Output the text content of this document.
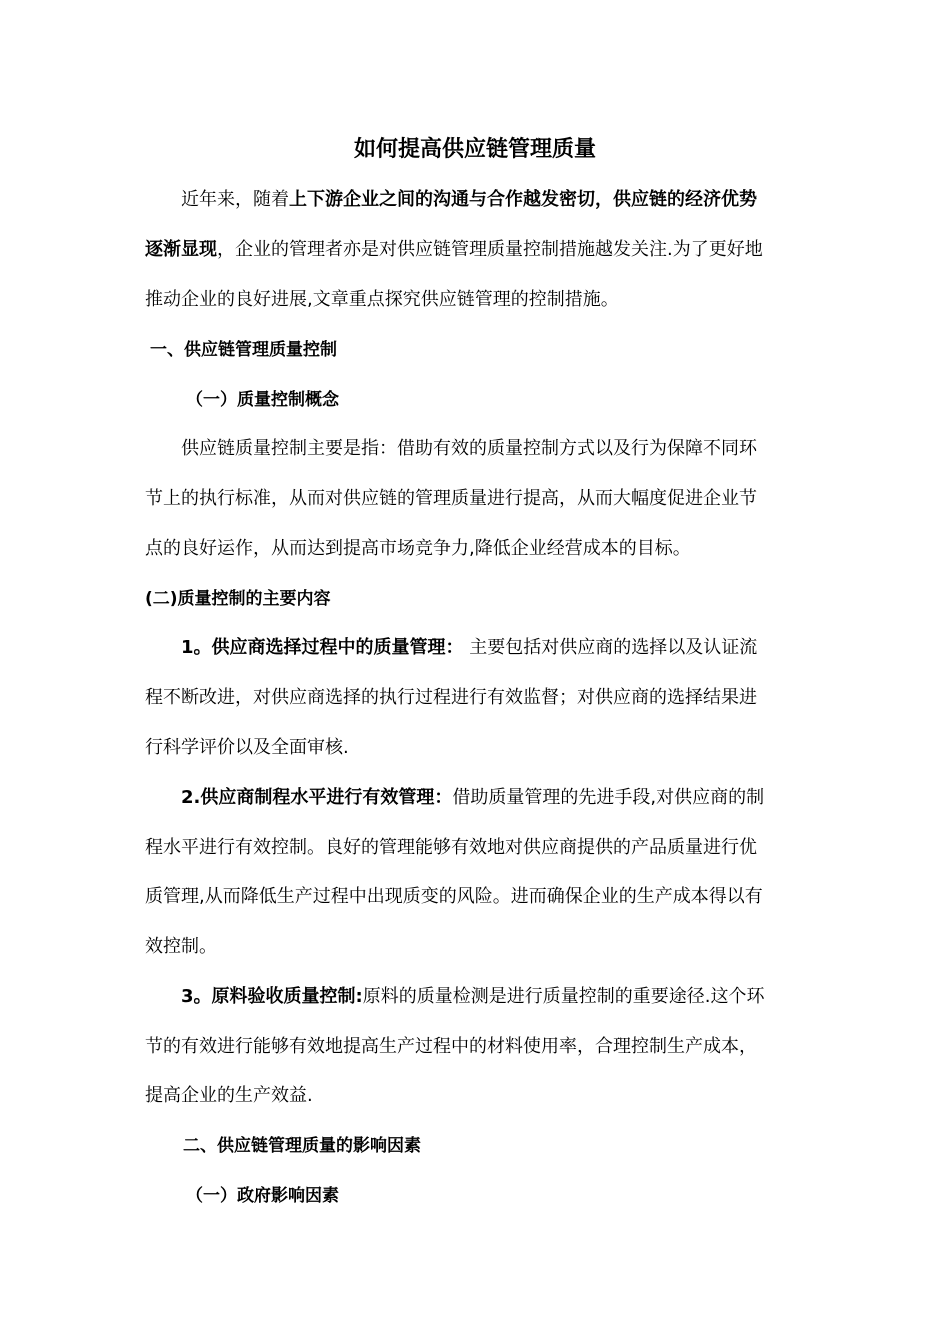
如何提高供应链管理质量
近年来，随着上下游企业之间的沟通与合作越发密切，供应链的经济优势
逐渐显现，企业的管理者亦是对供应链管理质量控制措施越发关注.为了更好地
推动企业的良好进展,文章重点探究供应链管理的控制措施。
一、供应链管理质量控制
（一）质量控制概念
供应链质量控制主要是指：借助有效的质量控制方式以及行为保障不同环
节上的执行标准，从而对供应链的管理质量进行提高，从而大幅度促进企业节
点的良好运作，从而达到提高市场竞争力,降低企业经营成本的目标。
(二)质量控制的主要内容
1。供应商选择过程中的质量管理： 主要包括对供应商的选择以及认证流
程不断改进，对供应商选择的执行过程进行有效监督；对供应商的选择结果进
行科学评价以及全面审核.
2.供应商制程水平进行有效管理：借助质量管理的先进手段,对供应商的制
程水平进行有效控制。良好的管理能够有效地对供应商提供的产品质量进行优
质管理,从而降低生产过程中出现质变的风险。进而确保企业的生产成本得以有
效控制。
3。原料验收质量控制:原料的质量检测是进行质量控制的重要途径.这个环
节的有效进行能够有效地提高生产过程中的材料使用率，合理控制生产成本，
提高企业的生产效益.
二、供应链管理质量的影响因素
（一）政府影响因素
